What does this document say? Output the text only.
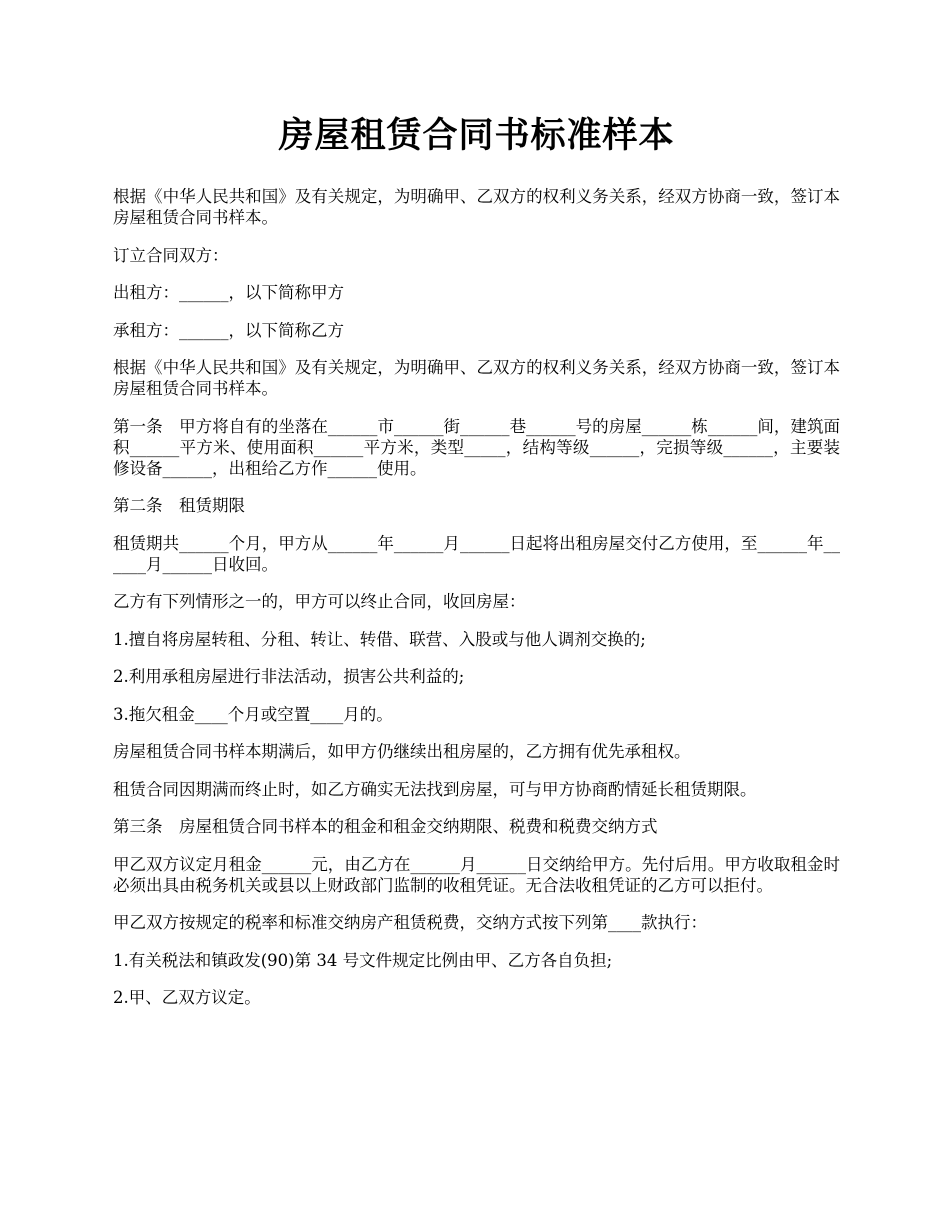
房屋租赁合同书标准样本

根据《中华人民共和国》及有关规定，为明确甲、乙双方的权利义务关系，经双方协商一致，签订本房屋租赁合同书样本。

订立合同双方：

出租方：______，以下简称甲方

承租方：______，以下简称乙方

根据《中华人民共和国》及有关规定，为明确甲、乙双方的权利义务关系，经双方协商一致，签订本房屋租赁合同书样本。

第一条　甲方将自有的坐落在______市______街______巷______号的房屋______栋______间，建筑面积______平方米、使用面积______平方米，类型_____，结构等级______，完损等级______，主要装修设备______，出租给乙方作______使用。

第二条　租赁期限

租赁期共______个月，甲方从______年______月______日起将出租房屋交付乙方使用，至______年______月______日收回。

乙方有下列情形之一的，甲方可以终止合同，收回房屋：

1.擅自将房屋转租、分租、转让、转借、联营、入股或与他人调剂交换的;

2.利用承租房屋进行非法活动，损害公共利益的;

3.拖欠租金____个月或空置____月的。

房屋租赁合同书样本期满后，如甲方仍继续出租房屋的，乙方拥有优先承租权。

租赁合同因期满而终止时，如乙方确实无法找到房屋，可与甲方协商酌情延长租赁期限。

第三条　房屋租赁合同书样本的租金和租金交纳期限、税费和税费交纳方式

甲乙双方议定月租金______元，由乙方在______月______日交纳给甲方。先付后用。甲方收取租金时必须出具由税务机关或县以上财政部门监制的收租凭证。无合法收租凭证的乙方可以拒付。

甲乙双方按规定的税率和标准交纳房产租赁税费，交纳方式按下列第____款执行：

1.有关税法和镇政发(90)第 34 号文件规定比例由甲、乙方各自负担;

2.甲、乙双方议定。
